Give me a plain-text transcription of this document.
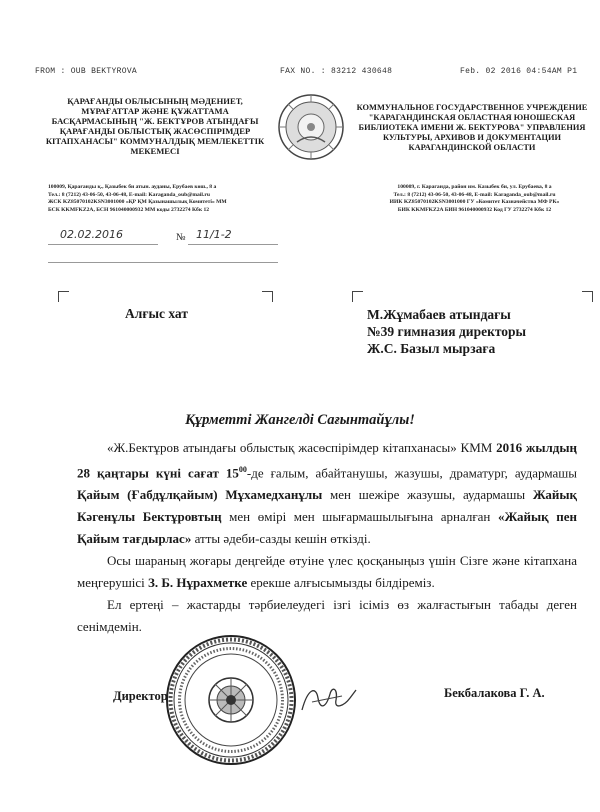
FROM : OUB BEKTYROVA	FAX NO. : 83212 430648	Feb. 02 2016 04:54AM P1
ҚАРАҒАНДЫ ОБЛЫСЫНЫҢ МӘДЕНИЕТ, МҰРАҒАТТАР ЖӘНЕ ҚҰЖАТТАМА БАСҚАРМАСЫНЫҢ "Ж. БЕКТҰРОВ АТЫНДАҒЫ ҚАРАҒАНДЫ ОБЛЫСТЫҚ ЖАСӨСПІРІМДЕР КІТАПХАНАСЫ" КОММУНАЛДЫҚ МЕМЛЕКЕТТІК МЕКЕМЕСІ
КОММУНАЛЬНОЕ ГОСУДАРСТВЕННОЕ УЧРЕЖДЕНИЕ "КАРАГАНДИНСКАЯ ОБЛАСТНАЯ ЮНОШЕСКАЯ БИБЛИОТЕКА ИМЕНИ Ж. БЕКТУРОВА" УПРАВЛЕНИЯ КУЛЬТУРЫ, АРХИВОВ И ДОКУМЕНТАЦИИ КАРАГАНДИНСКОЙ ОБЛАСТИ
100009, Қарағанды қ., Қазыбек би атын. ауданы, Ерубаев көш., 8 а
Тел.: 8 (7212) 43-06-50, 43-06-48, E-mail: Karaganda_oub@mail.ru
ЖСК KZ85070102KSN3001000 «ҚР ҚМ Қазынашылық Комитеті» ММ
БСК KKMFKZ2A, БСН 961040000932 ММ коды 2732274 Кбк 12
100009, г. Караганда, район им. Казыбек би, ул. Ерубаева, 8 а
Тел.: 8 (7212) 43-06-50, 43-06-48, E-mail: Karaganda_oub@mail.ru
ИИК KZ85070102KSN3001000 ГУ «Комитет Казначейства МФ РК»
БИК KKMFKZ2A БИН 961040000932 Код ГУ 2732274 Кбк 12
02.02.2016	№ 11/1-2
Алғыс хат	М.Жұмабаев атындағы
№39 гимназия директоры
Ж.С. Базыл мырзаға
Құрметті Жангелді Сағынтайұлы!

«Ж.Бектұров атындағы облыстық жасөспірімдер кітапханасы» КММ 2016 жылдың 28 қаңтары күні сағат $15^{00}-де$ ғалым, абайтанушы, жазушы, драматург, аудармашы Қайым (Ғабдұлқайым) Мұхамедханұлы мен шежіре жазушы, аудармашы Жайық Кәгенұлы Бектұровтың мен өмірі мен шығармашылығына арналған «Жайық пен Қайым тағдырлас» атты әдеби-сазды кешін өткізді.

Осы шараның жоғары деңгейде өтуіне үлес қосқаныңыз үшін Сізге және кітапхана меңгерушісі З. Б. Нұрахметке ерекше алғысымызды білдіреміз.

Ел ертеңі – жастарды тәрбиелеудегі ізгі ісіміз өз жалғастығын табады деген сенімдемін.

Директор	Бекбалакова Г. А.
